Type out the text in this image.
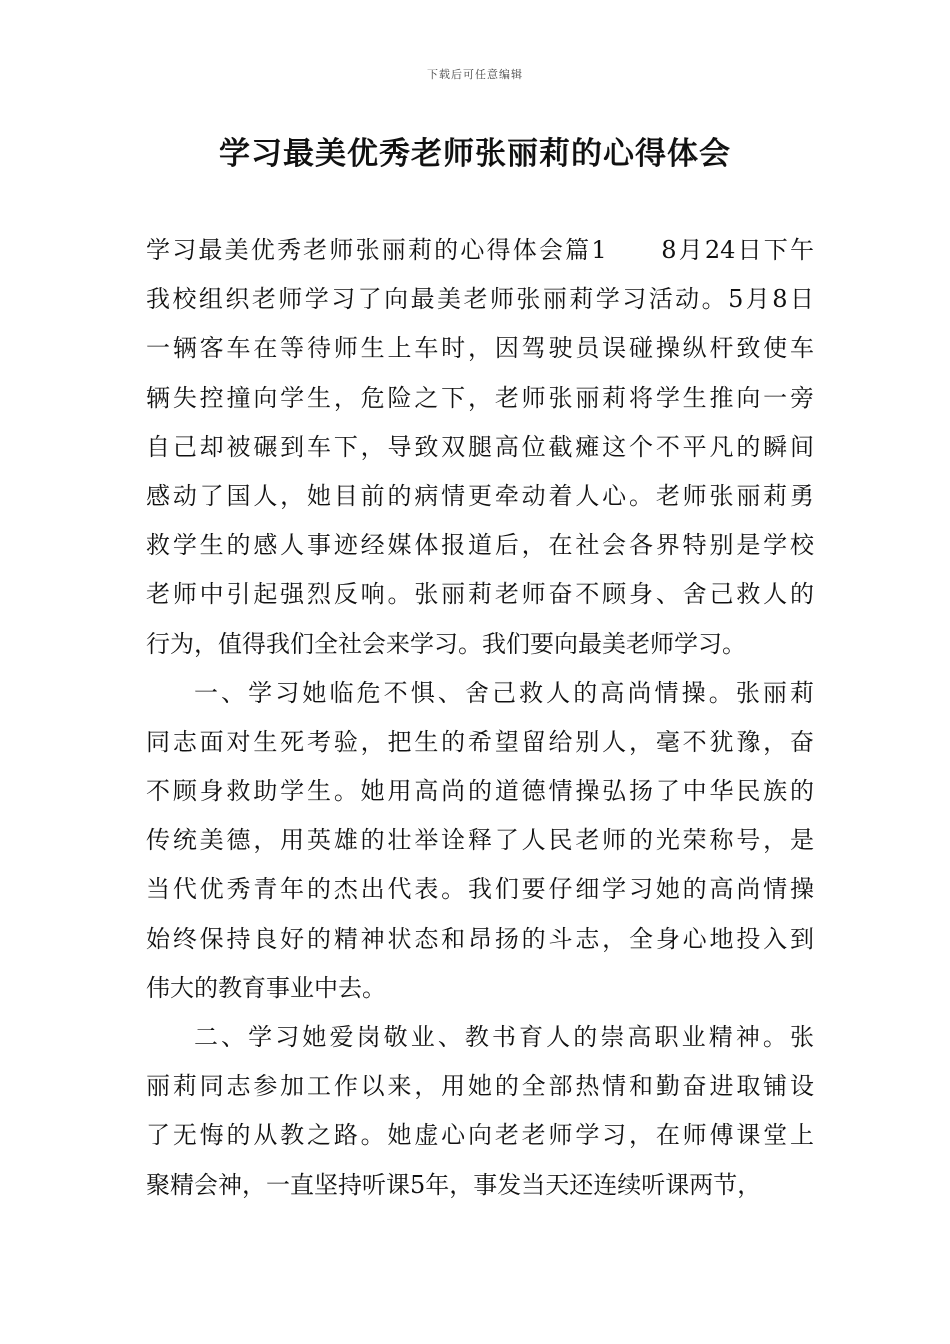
下载后可任意编辑
学习最美优秀老师张丽莉的心得体会
学习最美优秀老师张丽莉的心得体会篇1　　8月24日下午
我校组织老师学习了向最美老师张丽莉学习活动。5月8日
一辆客车在等待师生上车时，因驾驶员误碰操纵杆致使车
辆失控撞向学生，危险之下，老师张丽莉将学生推向一旁
自己却被碾到车下，导致双腿高位截瘫这个不平凡的瞬间
感动了国人，她目前的病情更牵动着人心。老师张丽莉勇
救学生的感人事迹经媒体报道后，在社会各界特别是学校
老师中引起强烈反响。张丽莉老师奋不顾身、舍己救人的
行为，值得我们全社会来学习。我们要向最美老师学习。
一、学习她临危不惧、舍己救人的高尚情操。张丽莉
同志面对生死考验，把生的希望留给别人，毫不犹豫，奋
不顾身救助学生。她用高尚的道德情操弘扬了中华民族的
传统美德，用英雄的壮举诠释了人民老师的光荣称号，是
当代优秀青年的杰出代表。我们要仔细学习她的高尚情操
始终保持良好的精神状态和昂扬的斗志，全身心地投入到
伟大的教育事业中去。
二、学习她爱岗敬业、教书育人的崇高职业精神。张
丽莉同志参加工作以来，用她的全部热情和勤奋进取铺设
了无悔的从教之路。她虚心向老老师学习，在师傅课堂上
聚精会神，一直坚持听课5年，事发当天还连续听课两节，
